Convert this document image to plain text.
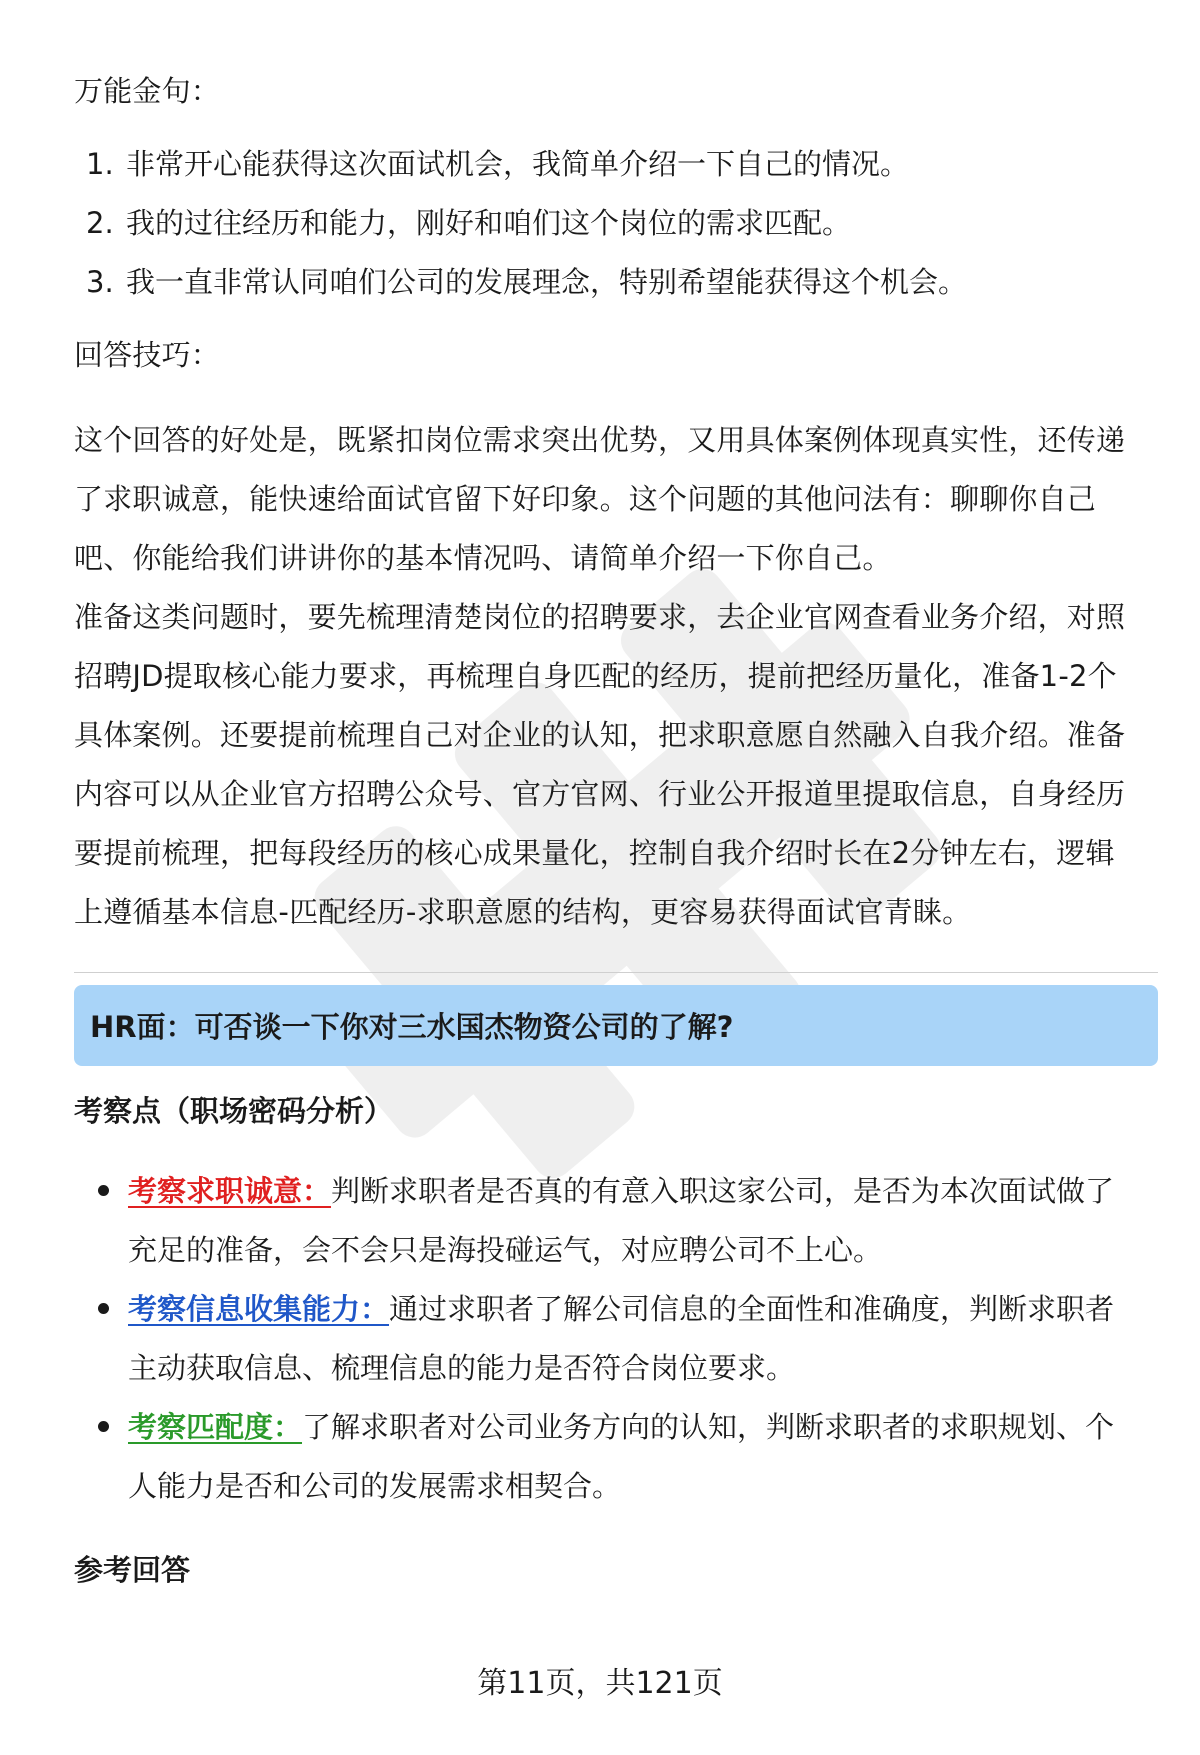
万能金句：
1. 非常开心能获得这次面试机会，我简单介绍一下自己的情况。
2. 我的过往经历和能力，刚好和咱们这个岗位的需求匹配。
3. 我一直非常认同咱们公司的发展理念，特别希望能获得这个机会。
回答技巧：
这个回答的好处是，既紧扣岗位需求突出优势，又用具体案例体现真实性，还传递
了求职诚意，能快速给面试官留下好印象。这个问题的其他问法有：聊聊你自己
吧、你能给我们讲讲你的基本情况吗、请简单介绍一下你自己。
准备这类问题时，要先梳理清楚岗位的招聘要求，去企业官网查看业务介绍，对照
招聘JD提取核心能力要求，再梳理自身匹配的经历，提前把经历量化，准备1-2个
具体案例。还要提前梳理自己对企业的认知，把求职意愿自然融入自我介绍。准备
内容可以从企业官方招聘公众号、官方官网、行业公开报道里提取信息，自身经历
要提前梳理，把每段经历的核心成果量化，控制自我介绍时长在2分钟左右，逻辑
上遵循基本信息-匹配经历-求职意愿的结构，更容易获得面试官青睐。
HR面：可否谈一下你对三水国杰物资公司的了解?
考察点（职场密码分析）
考察求职诚意：判断求职者是否真的有意入职这家公司，是否为本次面试做了
充足的准备，会不会只是海投碰运气，对应聘公司不上心。
考察信息收集能力：通过求职者了解公司信息的全面性和准确度，判断求职者
主动获取信息、梳理信息的能力是否符合岗位要求。
考察匹配度：了解求职者对公司业务方向的认知，判断求职者的求职规划、个
人能力是否和公司的发展需求相契合。
参考回答
第11页，共121页
